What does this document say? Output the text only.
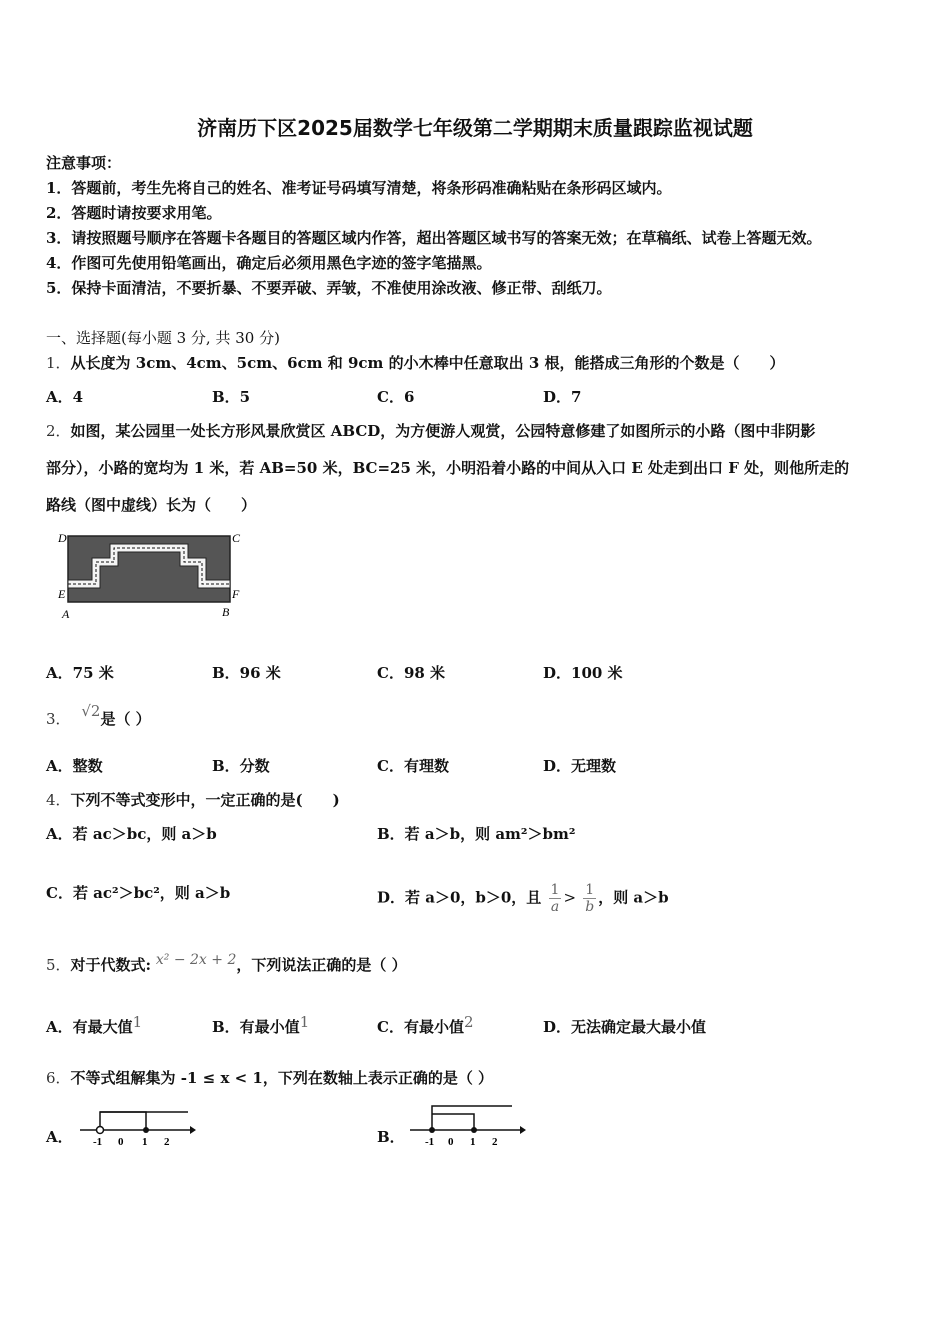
济南历下区2025届数学七年级第二学期期末质量跟踪监视试题
注意事项：
1．答题前，考生先将自己的姓名、准考证号码填写清楚，将条形码准确粘贴在条形码区域内。
2．答题时请按要求用笔。
3．请按照题号顺序在答题卡各题目的答题区域内作答，超出答题区域书写的答案无效；在草稿纸、试卷上答题无效。
4．作图可先使用铅笔画出，确定后必须用黑色字迹的签字笔描黑。
5．保持卡面清洁，不要折暴、不要弄破、弄皱，不准使用涂改液、修正带、刮纸刀。
一、选择题(每小题 3 分, 共 30 分)
1．从长度为 3cm、4cm、5cm、6cm 和 9cm 的小木棒中任意取出 3 根，能搭成三角形的个数是（　　）
A．4	B．5	C．6	D．7
2．如图，某公园里一处长方形风景欣赏区 ABCD，为方便游人观赏，公园特意修建了如图所示的小路（图中非阴影
部分），小路的宽均为 1 米，若 AB=50 米，BC=25 米，小明沿着小路的中间从入口 E 处走到出口 F 处，则他所走的
路线（图中虚线）长为（　　）
D	C
E	F
A	B
A．75 米	B．96 米	C．98 米	D．100 米
3． √2是（ ）
A．整数	B．分数	C．有理数	D．无理数
4．下列不等式变形中，一定正确的是(　　)
A．若 ac＞bc，则 a＞b	B．若 a＞b，则 am²＞bm²
C．若 ac²＞bc²，则 a＞b	D．若 a＞0，b＞0，且 $\frac{1}{a} > \frac{1}{b}$ ，则 a＞b
5．对于代数式: x² − 2x + 2，下列说法正确的是（ ）
A．有最大值1	B．有最小值1	C．有最小值2	D．无法确定最大最小值
6．不等式组解集为 -1 ≤ x < 1，下列在数轴上表示正确的是（ ）
A． -1 0 1 2	B． -1 0 1 2
